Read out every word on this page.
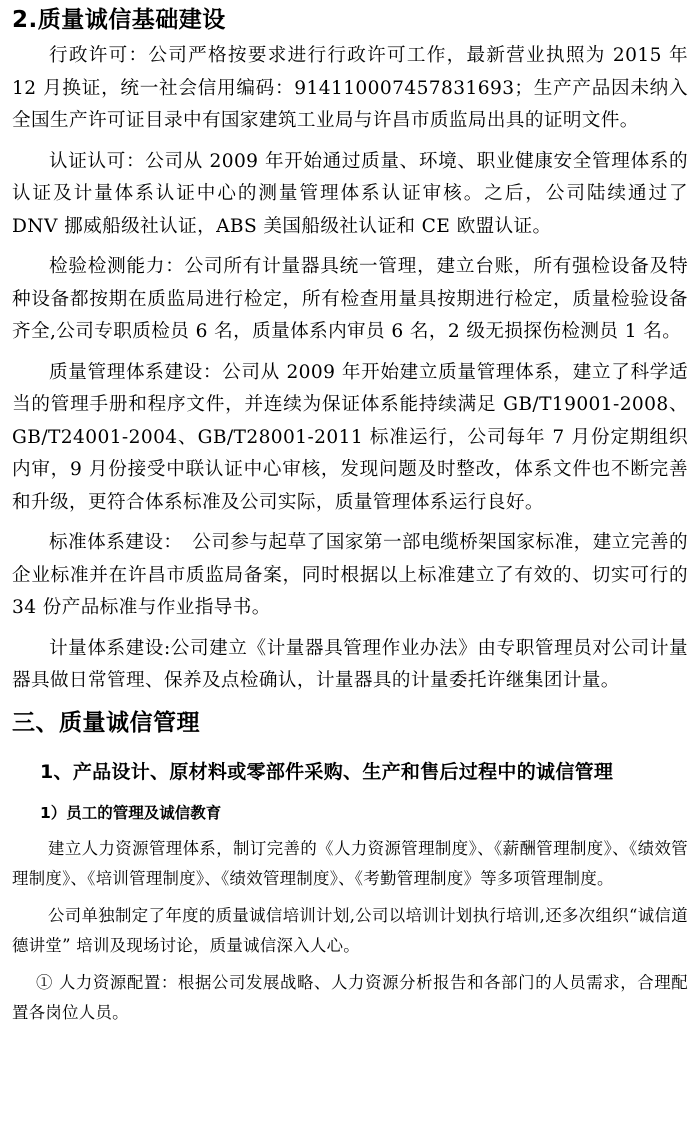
2.质量诚信基础建设

行政许可：公司严格按要求进行行政许可工作，最新营业执照为 2015 年 12 月换证，统一社会信用编码：914110007457831693；生产产品因未纳入全国生产许可证目录中有国家建筑工业局与许昌市质监局出具的证明文件。

认证认可：公司从 2009 年开始通过质量、环境、职业健康安全管理体系的认证及计量体系认证中心的测量管理体系认证审核。之后，公司陆续通过了 DNV 挪威船级社认证，ABS 美国船级社认证和 CE 欧盟认证。

检验检测能力：公司所有计量器具统一管理，建立台账，所有强检设备及特种设备都按期在质监局进行检定，所有检查用量具按期进行检定，质量检验设备齐全,公司专职质检员 6 名，质量体系内审员 6 名，2 级无损探伤检测员 1 名。

质量管理体系建设：公司从 2009 年开始建立质量管理体系，建立了科学适当的管理手册和程序文件，并连续为保证体系能持续满足 GB/T19001-2008、GB/T24001-2004、GB/T28001-2011 标准运行，公司每年 7 月份定期组织内审，9 月份接受中联认证中心审核，发现问题及时整改，体系文件也不断完善和升级，更符合体系标准及公司实际，质量管理体系运行良好。

标准体系建设：　公司参与起草了国家第一部电缆桥架国家标准，建立完善的企业标准并在许昌市质监局备案，同时根据以上标准建立了有效的、切实可行的 34 份产品标准与作业指导书。

计量体系建设:公司建立《计量器具管理作业办法》由专职管理员对公司计量器具做日常管理、保养及点检确认，计量器具的计量委托许继集团计量。

三、质量诚信管理
1、产品设计、原材料或零部件采购、生产和售后过程中的诚信管理
1）员工的管理及诚信教育

建立人力资源管理体系，制订完善的《人力资源管理制度》、《薪酬管理制度》、《绩效管理制度》、《培训管理制度》、《绩效管理制度》、《考勤管理制度》等多项管理制度。

公司单独制定了年度的质量诚信培训计划,公司以培训计划执行培训,还多次组织“诚信道德讲堂” 培训及现场讨论，质量诚信深入人心。

① 人力资源配置：根据公司发展战略、人力资源分析报告和各部门的人员需求，合理配置各岗位人员。
